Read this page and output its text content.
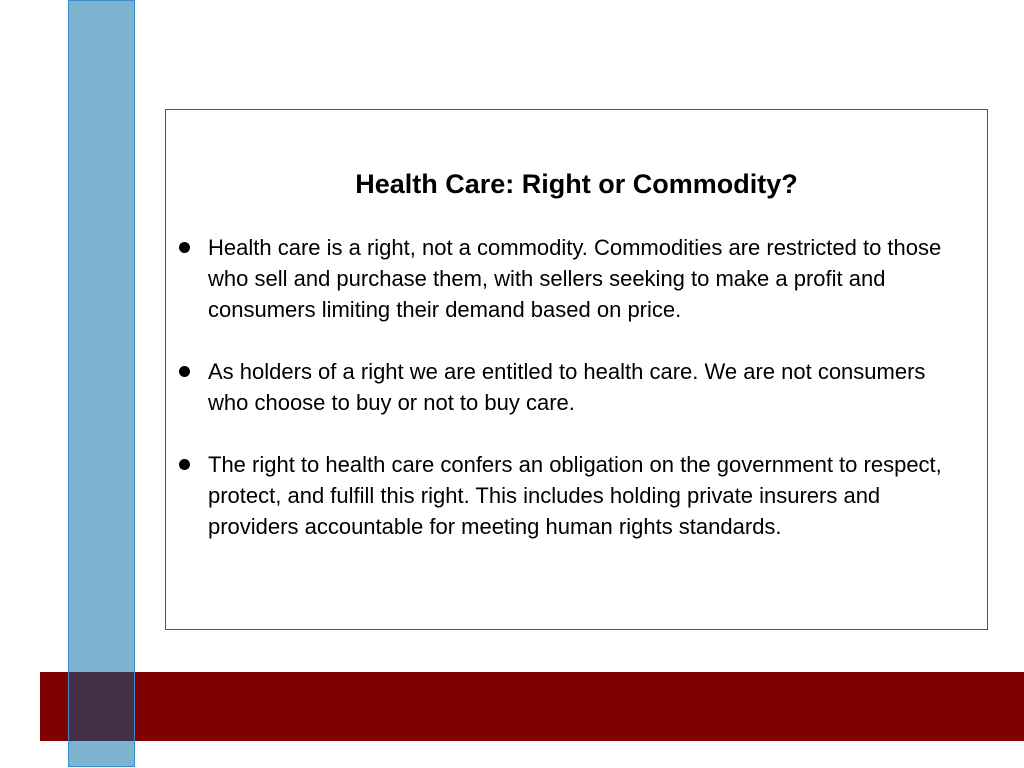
Health Care: Right or Commodity?
Health care is a right, not a commodity. Commodities are restricted to those who sell and purchase them, with sellers seeking to make a profit and consumers limiting their demand based on price.
As holders of a right we are entitled to health care. We are not consumers who choose to buy or not to buy care.
The right to health care confers an obligation on the government to respect, protect, and fulfill this right. This includes holding private insurers and providers accountable for meeting human rights standards.
